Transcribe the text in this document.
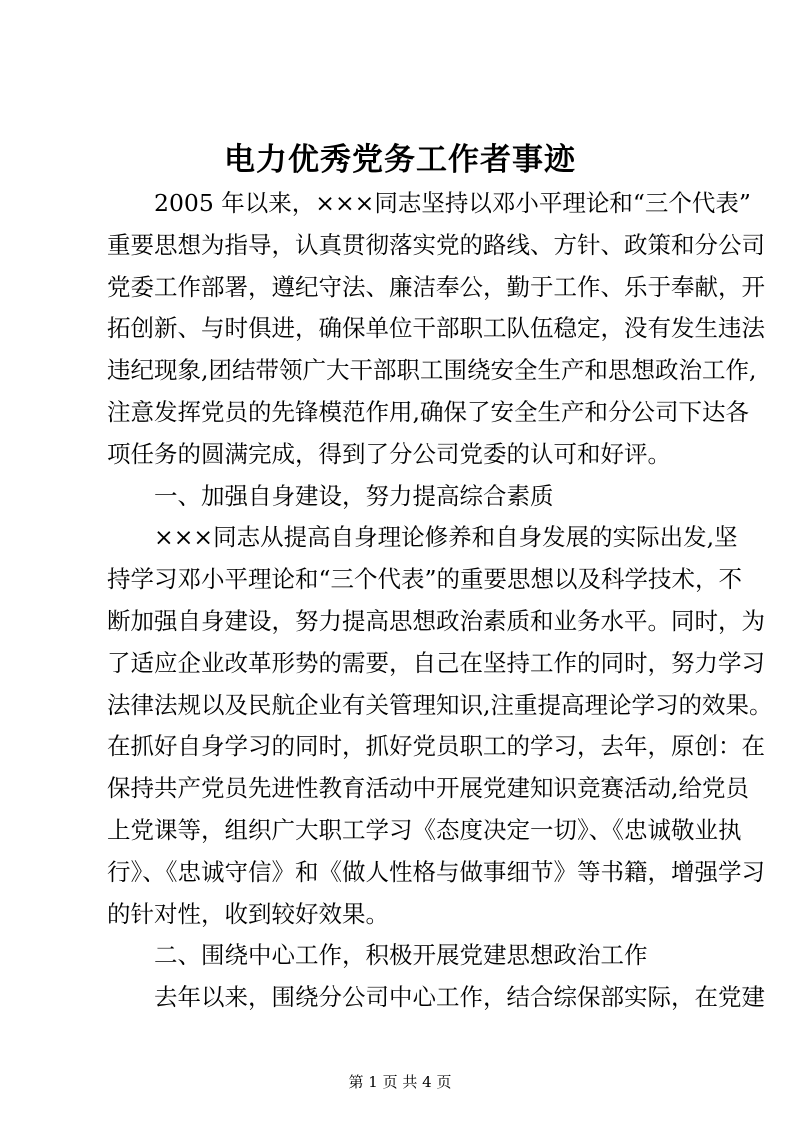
电力优秀党务工作者事迹
　　2005 年以来，×××同志坚持以邓小平理论和“三个代表”
重要思想为指导，认真贯彻落实党的路线、方针、政策和分公司
党委工作部署，遵纪守法、廉洁奉公，勤于工作、乐于奉献，开
拓创新、与时俱进，确保单位干部职工队伍稳定，没有发生违法
违纪现象,团结带领广大干部职工围绕安全生产和思想政治工作,
注意发挥党员的先锋模范作用,确保了安全生产和分公司下达各
项任务的圆满完成，得到了分公司党委的认可和好评。
　　一、加强自身建设，努力提高综合素质
　　×××同志从提高自身理论修养和自身发展的实际出发,坚
持学习邓小平理论和“三个代表”的重要思想以及科学技术，不
断加强自身建设，努力提高思想政治素质和业务水平。同时，为
了适应企业改革形势的需要，自己在坚持工作的同时，努力学习
法律法规以及民航企业有关管理知识,注重提高理论学习的效果。
在抓好自身学习的同时，抓好党员职工的学习，去年，原创：在
保持共产党员先进性教育活动中开展党建知识竞赛活动,给党员
上党课等，组织广大职工学习《态度决定一切》、《忠诚敬业执
行》、《忠诚守信》和《做人性格与做事细节》等书籍，增强学习
的针对性，收到较好效果。
　　二、围绕中心工作，积极开展党建思想政治工作
　　去年以来，围绕分公司中心工作，结合综保部实际，在党建
第 1 页 共 4 页
